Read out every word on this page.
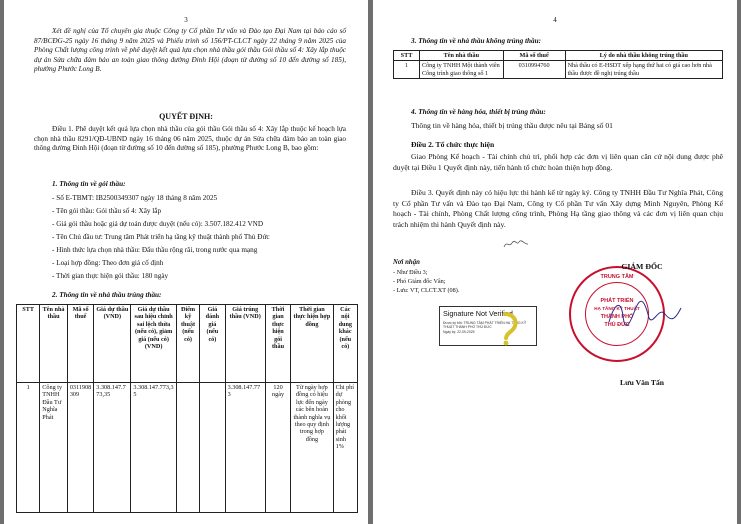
3
Xét đề nghị của Tổ chuyên gia thuộc Công ty Cổ phần Tư vấn và Đào tạo Đại Nam tại báo cáo số 87/BCĐG-25 ngày 16 tháng 9 năm 2025 và Phiếu trình số 156/PT-CLCT ngày 22 tháng 9 năm 2025 của Phòng Chất lượng công trình về phê duyệt kết quả lựa chọn nhà thầu gói thầu Gói thầu số 4: Xây lắp thuộc dự án Sửa chữa đảm bảo an toàn giao thông đường Đinh Hội (đoạn từ đường số 10 đến đường số 185), phường Phước Long B.
QUYẾT ĐỊNH:
Điều 1. Phê duyệt kết quả lựa chọn nhà thầu của gói thầu Gói thầu số 4: Xây lắp thuộc kế hoạch lựa chọn nhà thầu 8291/QĐ-UBND ngày 16 tháng 06 năm 2025, thuộc dự án Sửa chữa đảm bảo an toàn giao thông đường Đinh Hội (đoạn từ đường số 10 đến đường số 185), phường Phước Long B, bao gồm:
1. Thông tin về gói thầu:
- Số E-TBMT: IB2500349307 ngày 18 tháng 8 năm 2025
- Tên gói thầu: Gói thầu số 4: Xây lắp
- Giá gói thầu hoặc giá dự toán được duyệt (nếu có): 3.507.182.412 VND
- Tên Chủ đầu tư: Trung tâm Phát triển hạ tầng kỹ thuật thành phố Thủ Đức
- Hình thức lựa chọn nhà thầu: Đấu thầu rộng rãi, trong nước qua mạng
- Loại hợp đồng: Theo đơn giá cố định
- Thời gian thực hiện gói thầu: 180 ngày
2. Thông tin về nhà thầu trúng thầu:
STT	Tên nhà thầu	Mã số thuế	Giá dự thầu (VND)	Giá dự thầu sau hiệu chỉnh sai lệch thừa (nếu có), giảm giá (nếu có) (VND)	Điểm kỹ thuật (nếu có)	Giá đánh giá (nếu có)	Giá trúng thầu (VND)	Thời gian thực hiện gói thầu	Thời gian thực hiện hợp đồng	Các nội dung khác (nếu có)
1	Công ty TNHH Đầu Tư Nghĩa Phát	0311908309	3.308.147.773,35	3.308.147.773,35			3.308.147.773	120 ngày	Từ ngày hợp đồng có hiệu lực đến ngày các bên hoàn thành nghĩa vụ theo quy định trong hợp đồng	Chi phí dự phòng cho khối lượng phát sinh 1%
4
3. Thông tin về nhà thầu không trúng thầu:
STT	Tên nhà thầu	Mã số thuế	Lý do nhà thầu không trúng thầu
1	Công ty TNHH Một thành viên Công trình giao thông số 1	0310994760	Nhà thầu có E-HSDT xếp hạng thứ hai có giá cao hơn nhà thầu được đề nghị trúng thầu
4. Thông tin về hàng hóa, thiết bị trúng thầu:
Thông tin về hàng hóa, thiết bị trúng thầu được nêu tại Bảng số 01
Điều 2. Tổ chức thực hiện
Giao Phòng Kế hoạch - Tài chính chủ trì, phối hợp các đơn vị liên quan căn cứ nội dung được phê duyệt tại Điều 1 Quyết định này, tiến hành tổ chức hoàn thiện hợp đồng.
Điều 3. Quyết định này có hiệu lực thi hành kể từ ngày ký. Công ty TNHH Đầu Tư Nghĩa Phát, Công ty Cổ phần Tư vấn và Đào tạo Đại Nam, Công ty Cổ phần Tư vấn Xây dựng Minh Nguyên, Phòng Kế hoạch - Tài chính, Phòng Chất lượng công trình, Phòng Hạ tầng giao thông và các đơn vị liên quan chịu trách nhiệm thi hành Quyết định này.
Nơi nhận
- Như Điều 3;
- Phó Giám đốc Vân;
- Lưu: VT, CLCT.XT (08).
GIÁM ĐỐC
TRUNG TÂM
PHÁT TRIỂN
HẠ TẦNG KỸ THUẬT
THÀNH PHỐ
THỦ ĐỨC
Signature Not Verified
Được ký bởi: TRUNG TÂM PHÁT TRIỂN HẠ TẦNG KỸ
THUẬT THÀNH PHỐ THỦ ĐỨC
Ngày ký: 22-09-2025
Lưu Văn Tấn
